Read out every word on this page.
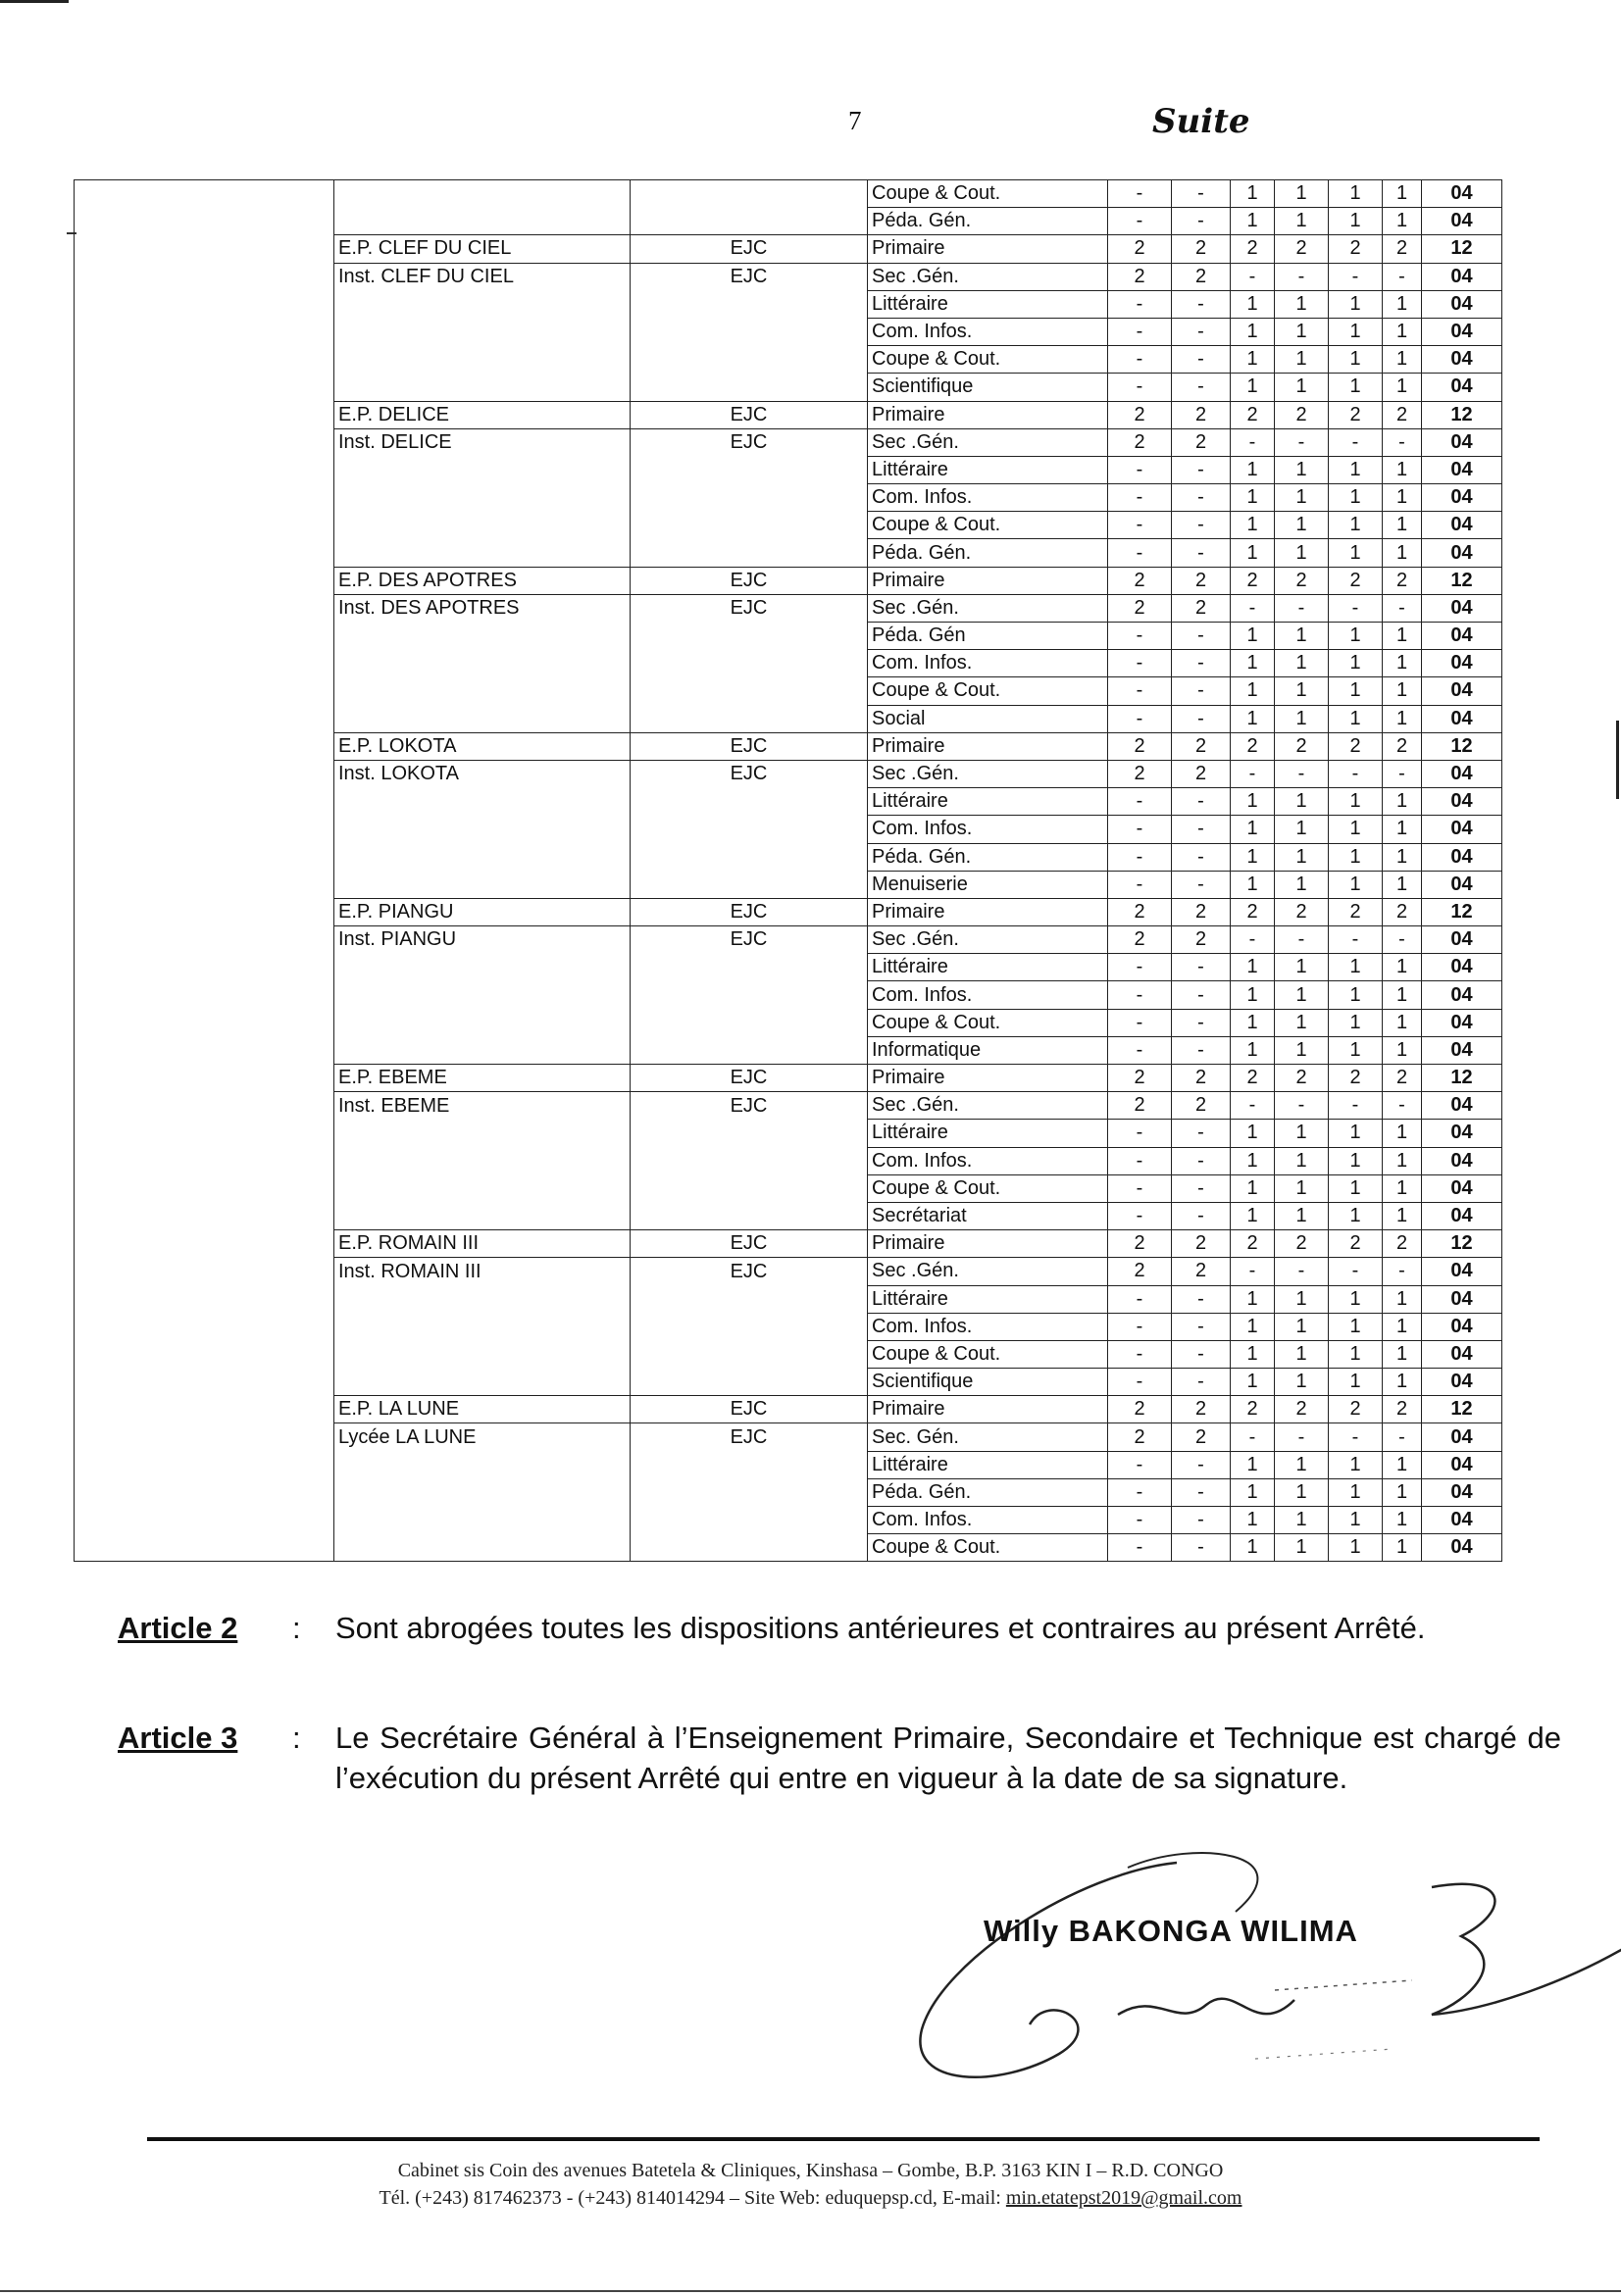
7	Suite
			Coupe & Cout.	-	-	1	1	1	1	04
			Péda. Gén.	-	-	1	1	1	1	04
	E.P. CLEF DU CIEL	EJC	Primaire	2	2	2	2	2	2	12
	Inst. CLEF DU CIEL	EJC	Sec .Gén.	2	2	-	-	-	-	04
			Littéraire	-	-	1	1	1	1	04
			Com. Infos.	-	-	1	1	1	1	04
			Coupe & Cout.	-	-	1	1	1	1	04
			Scientifique	-	-	1	1	1	1	04
	E.P. DELICE	EJC	Primaire	2	2	2	2	2	2	12
	Inst. DELICE	EJC	Sec .Gén.	2	2	-	-	-	-	04
			Littéraire	-	-	1	1	1	1	04
			Com. Infos.	-	-	1	1	1	1	04
			Coupe & Cout.	-	-	1	1	1	1	04
			Péda. Gén.	-	-	1	1	1	1	04
	E.P. DES APOTRES	EJC	Primaire	2	2	2	2	2	2	12
	Inst. DES APOTRES	EJC	Sec .Gén.	2	2	-	-	-	-	04
			Péda. Gén	-	-	1	1	1	1	04
			Com. Infos.	-	-	1	1	1	1	04
			Coupe & Cout.	-	-	1	1	1	1	04
			Social	-	-	1	1	1	1	04
	E.P. LOKOTA	EJC	Primaire	2	2	2	2	2	2	12
	Inst. LOKOTA	EJC	Sec .Gén.	2	2	-	-	-	-	04
			Littéraire	-	-	1	1	1	1	04
			Com. Infos.	-	-	1	1	1	1	04
			Péda. Gén.	-	-	1	1	1	1	04
			Menuiserie	-	-	1	1	1	1	04
	E.P. PIANGU	EJC	Primaire	2	2	2	2	2	2	12
	Inst. PIANGU	EJC	Sec .Gén.	2	2	-	-	-	-	04
			Littéraire	-	-	1	1	1	1	04
			Com. Infos.	-	-	1	1	1	1	04
			Coupe & Cout.	-	-	1	1	1	1	04
			Informatique	-	-	1	1	1	1	04
	E.P. EBEME	EJC	Primaire	2	2	2	2	2	2	12
	Inst. EBEME	EJC	Sec .Gén.	2	2	-	-	-	-	04
			Littéraire	-	-	1	1	1	1	04
			Com. Infos.	-	-	1	1	1	1	04
			Coupe & Cout.	-	-	1	1	1	1	04
			Secrétariat	-	-	1	1	1	1	04
	E.P. ROMAIN III	EJC	Primaire	2	2	2	2	2	2	12
	Inst. ROMAIN III	EJC	Sec .Gén.	2	2	-	-	-	-	04
			Littéraire	-	-	1	1	1	1	04
			Com. Infos.	-	-	1	1	1	1	04
			Coupe & Cout.	-	-	1	1	1	1	04
			Scientifique	-	-	1	1	1	1	04
	E.P. LA LUNE	EJC	Primaire	2	2	2	2	2	2	12
	Lycée LA LUNE	EJC	Sec. Gén.	2	2	-	-	-	-	04
			Littéraire	-	-	1	1	1	1	04
			Péda. Gén.	-	-	1	1	1	1	04
			Com. Infos.	-	-	1	1	1	1	04
			Coupe & Cout.	-	-	1	1	1	1	04
Article 2 : Sont abrogées toutes les dispositions antérieures et contraires au présent Arrêté.
Article 3 : Le Secrétaire Général à l’Enseignement Primaire, Secondaire et Technique est chargé de l’exécution du présent Arrêté qui entre en vigueur à la date de sa signature.
Willy BAKONGA WILIMA
Cabinet sis Coin des avenues Batetela & Cliniques, Kinshasa – Gombe, B.P. 3163 KIN I – R.D. CONGO
Tél. (+243) 817462373 - (+243) 814014294 – Site Web: eduquepsp.cd, E-mail: min.etatepst2019@gmail.com
